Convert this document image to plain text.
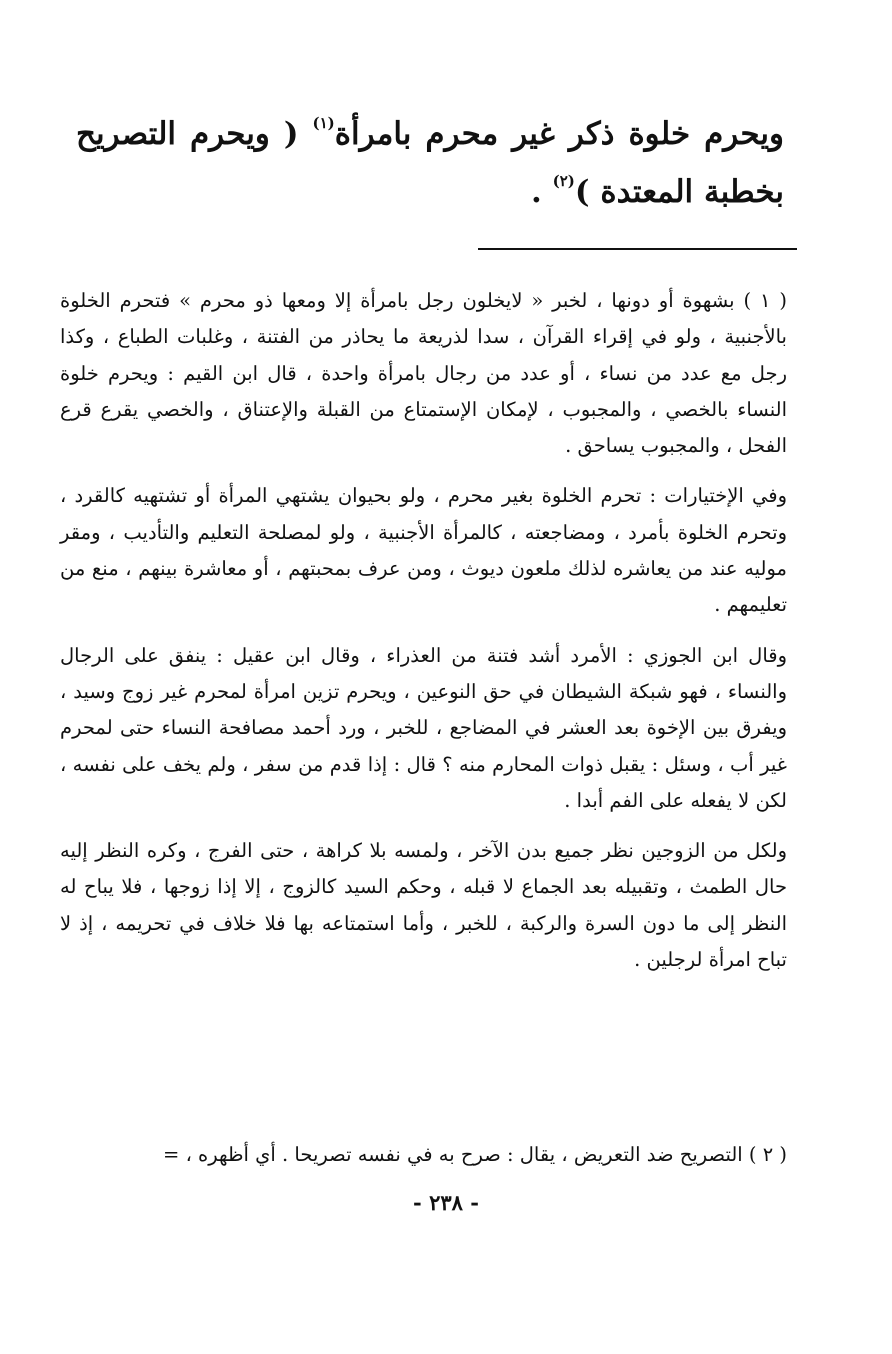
ويحرم خلوة ذكر غير محرم بامرأة$^{(١)}$ ( ويحرم التصريح بخطبة المعتدة )$^{(٢)}$ .

( ١ ) بشهوة أو دونها ، لخبر « لايخلون رجل بامرأة إلا ومعها ذو محرم » فتحرم الخلوة بالأجنبية ، ولو في إقراء القرآن ، سدا لذريعة ما يحاذر من الفتنة ، وغلبات الطباع ، وكذا رجل مع عدد من نساء ، أو عدد من رجال بامرأة واحدة ، قال ابن القيم : ويحرم خلوة النساء بالخصي ، والمجبوب ، لإمكان الإستمتاع من القبلة والإعتناق ، والخصي يقرع قرع الفحل ، والمجبوب يساحق .

وفي الإختيارات : تحرم الخلوة بغير محرم ، ولو بحيوان يشتهي المرأة أو تشتهيه كالقرد ، وتحرم الخلوة بأمرد ، ومضاجعته ، كالمرأة الأجنبية ، ولو لمصلحة التعليم والتأديب ، ومقر موليه عند من يعاشره لذلك ملعون ديوث ، ومن عرف بمحبتهم ، أو معاشرة بينهم ، منع من تعليمهم .

وقال ابن الجوزي : الأمرد أشد فتنة من العذراء ، وقال ابن عقيل : ينفق على الرجال والنساء ، فهو شبكة الشيطان في حق النوعين ، ويحرم تزين امرأة لمحرم غير زوج وسيد ، ويفرق بين الإخوة بعد العشر في المضاجع ، للخبر ، ورد أحمد مصافحة النساء حتى لمحرم غير أب ، وسئل : يقبل ذوات المحارم منه ؟ قال : إذا قدم من سفر ، ولم يخف على نفسه ، لكن لا يفعله على الفم أبدا .

ولكل من الزوجين نظر جميع بدن الآخر ، ولمسه بلا كراهة ، حتى الفرج ، وكره النظر إليه حال الطمث ، وتقبيله بعد الجماع لا قبله ، وحكم السيد كالزوج ، إلا إذا زوجها ، فلا يباح له النظر إلى ما دون السرة والركبة ، للخبر ، وأما استمتاعه بها فلا خلاف في تحريمه ، إذ لا تباح امرأة لرجلين .

( ٢ ) التصريح ضد التعريض ، يقال : صرح به في نفسه تصريحا . أي أظهره ، =
- ٢٣٨ -
